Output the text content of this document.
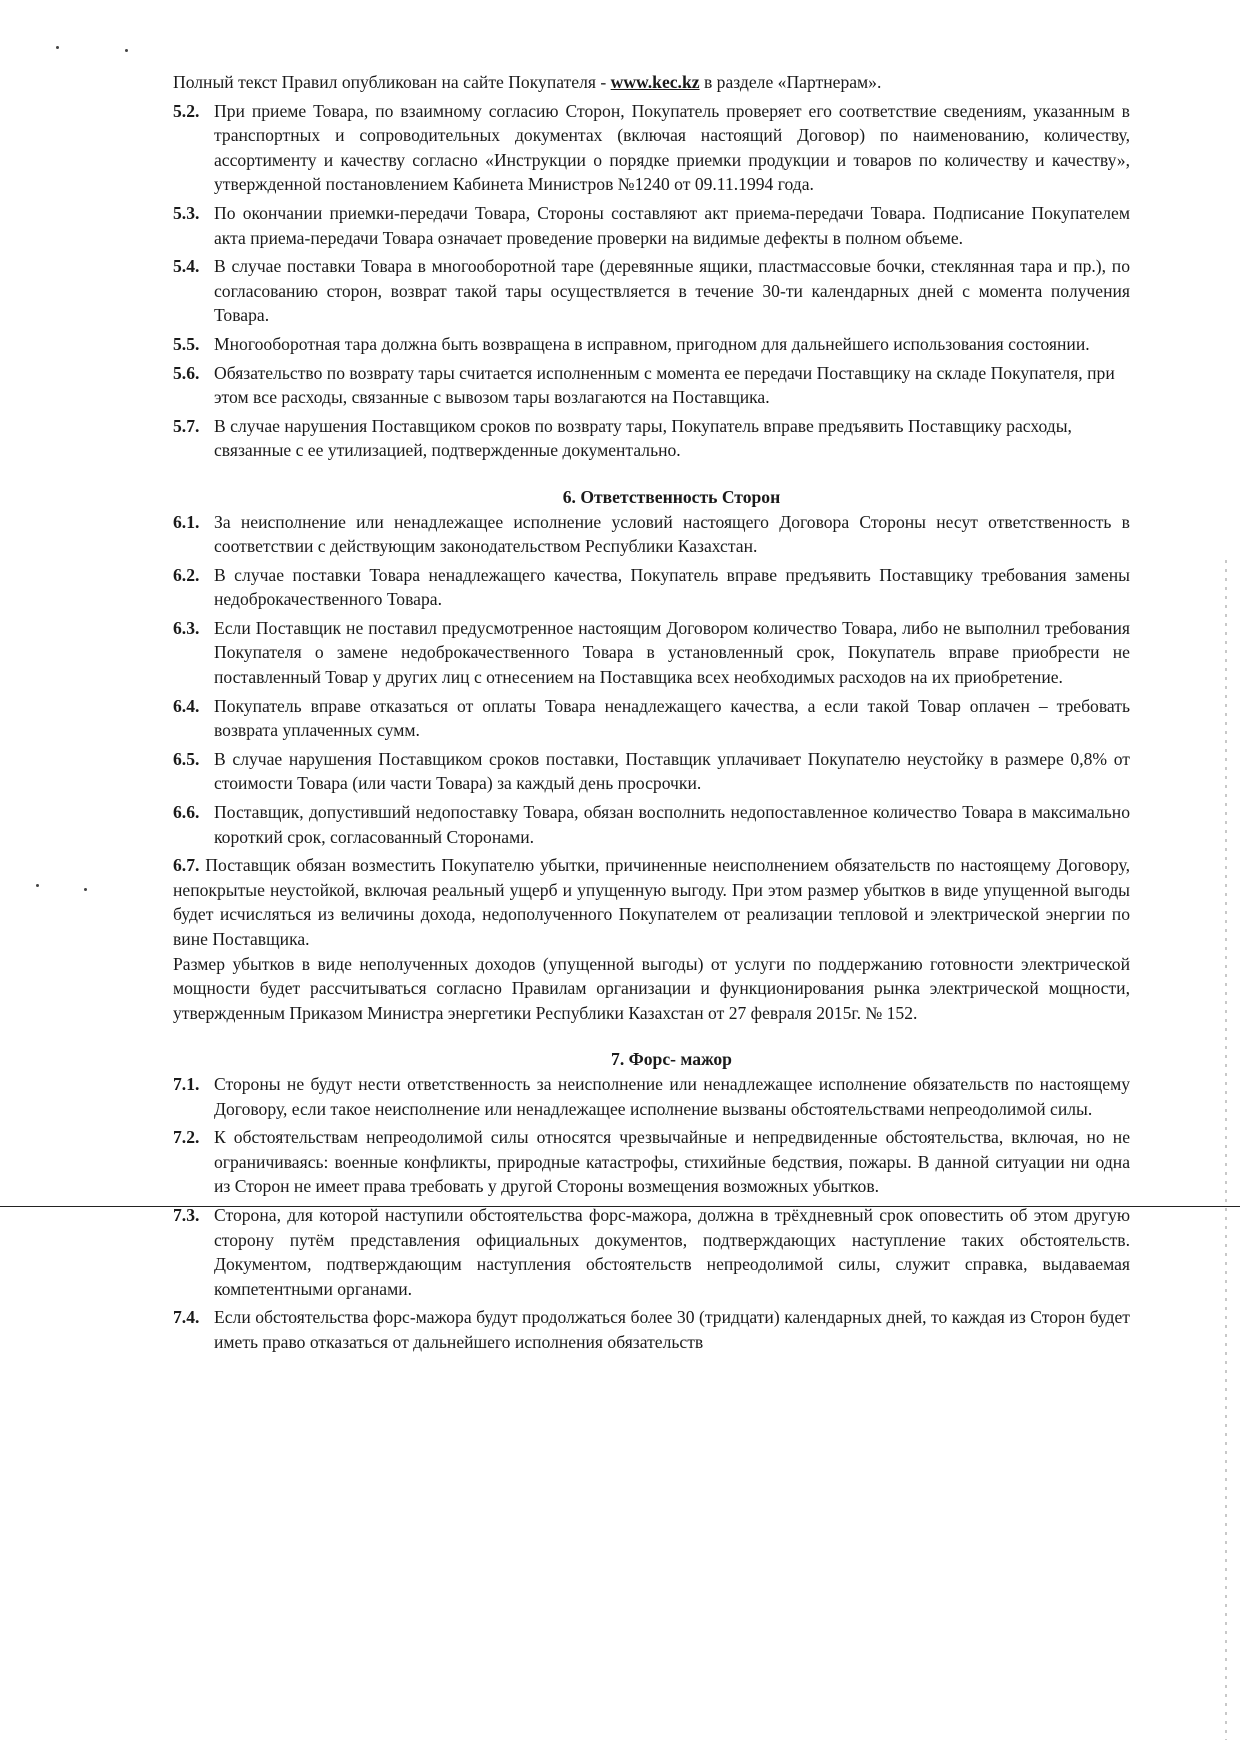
Полный текст Правил опубликован на сайте Покупателя - www.kec.kz в разделе «Партнерам».

5.2. При приеме Товара, по взаимному согласию Сторон, Покупатель проверяет его соответствие сведениям, указанным в транспортных и сопроводительных документах (включая настоящий Договор) по наименованию, количеству, ассортименту и качеству согласно «Инструкции о порядке приемки продукции и товаров по количеству и качеству», утвержденной постановлением Кабинета Министров №1240 от 09.11.1994 года.

5.3. По окончании приемки-передачи Товара, Стороны составляют акт приема-передачи Товара. Подписание Покупателем акта приема-передачи Товара означает проведение проверки на видимые дефекты в полном объеме.

5.4. В случае поставки Товара в многооборотной таре (деревянные ящики, пластмассовые бочки, стеклянная тара и пр.), по согласованию сторон, возврат такой тары осуществляется в течение 30-ти календарных дней с момента получения Товара.

5.5. Многооборотная тара должна быть возвращена в исправном, пригодном для дальнейшего использования состоянии.

5.6. Обязательство по возврату тары считается исполненным с момента ее передачи Поставщику на складе Покупателя, при этом все расходы, связанные с вывозом тары возлагаются на Поставщика.

5.7. В случае нарушения Поставщиком сроков по возврату тары, Покупатель вправе предъявить Поставщику расходы, связанные с ее утилизацией, подтвержденные документально.

6. Ответственность Сторон

6.1. За неисполнение или ненадлежащее исполнение условий настоящего Договора Стороны несут ответственность в соответствии с действующим законодательством Республики Казахстан.

6.2. В случае поставки Товара ненадлежащего качества, Покупатель вправе предъявить Поставщику требования замены недоброкачественного Товара.

6.3. Если Поставщик не поставил предусмотренное настоящим Договором количество Товара, либо не выполнил требования Покупателя о замене недоброкачественного Товара в установленный срок, Покупатель вправе приобрести не поставленный Товар у других лиц с отнесением на Поставщика всех необходимых расходов на их приобретение.

6.4. Покупатель вправе отказаться от оплаты Товара ненадлежащего качества, а если такой Товар оплачен – требовать возврата уплаченных сумм.

6.5. В случае нарушения Поставщиком сроков поставки, Поставщик уплачивает Покупателю неустойку в размере 0,8% от стоимости Товара (или части Товара) за каждый день просрочки.

6.6. Поставщик, допустивший недопоставку Товара, обязан восполнить недопоставленное количество Товара в максимально короткий срок, согласованный Сторонами.

6.7. Поставщик обязан возместить Покупателю убытки, причиненные неисполнением обязательств по настоящему Договору, непокрытые неустойкой, включая реальный ущерб и упущенную выгоду. При этом размер убытков в виде упущенной выгоды будет исчисляться из величины дохода, недополученного Покупателем от реализации тепловой и электрической энергии по вине Поставщика.

Размер убытков в виде неполученных доходов (упущенной выгоды) от услуги по поддержанию готовности электрической мощности будет рассчитываться согласно Правилам организации и функционирования рынка электрической мощности, утвержденным Приказом Министра энергетики Республики Казахстан от 27 февраля 2015г. № 152.

7. Форс- мажор

7.1. Стороны не будут нести ответственность за неисполнение или ненадлежащее исполнение обязательств по настоящему Договору, если такое неисполнение или ненадлежащее исполнение вызваны обстоятельствами непреодолимой силы.

7.2. К обстоятельствам непреодолимой силы относятся чрезвычайные и непредвиденные обстоятельства, включая, но не ограничиваясь: военные конфликты, природные катастрофы, стихийные бедствия, пожары. В данной ситуации ни одна из Сторон не имеет права требовать у другой Стороны возмещения возможных убытков.

7.3. Сторона, для которой наступили обстоятельства форс-мажора, должна в трёхдневный срок оповестить об этом другую сторону путём представления официальных документов, подтверждающих наступление таких обстоятельств. Документом, подтверждающим наступления обстоятельств непреодолимой силы, служит справка, выдаваемая компетентными органами.

7.4. Если обстоятельства форс-мажора будут продолжаться более 30 (тридцати) календарных дней, то каждая из Сторон будет иметь право отказаться от дальнейшего исполнения обязательств
